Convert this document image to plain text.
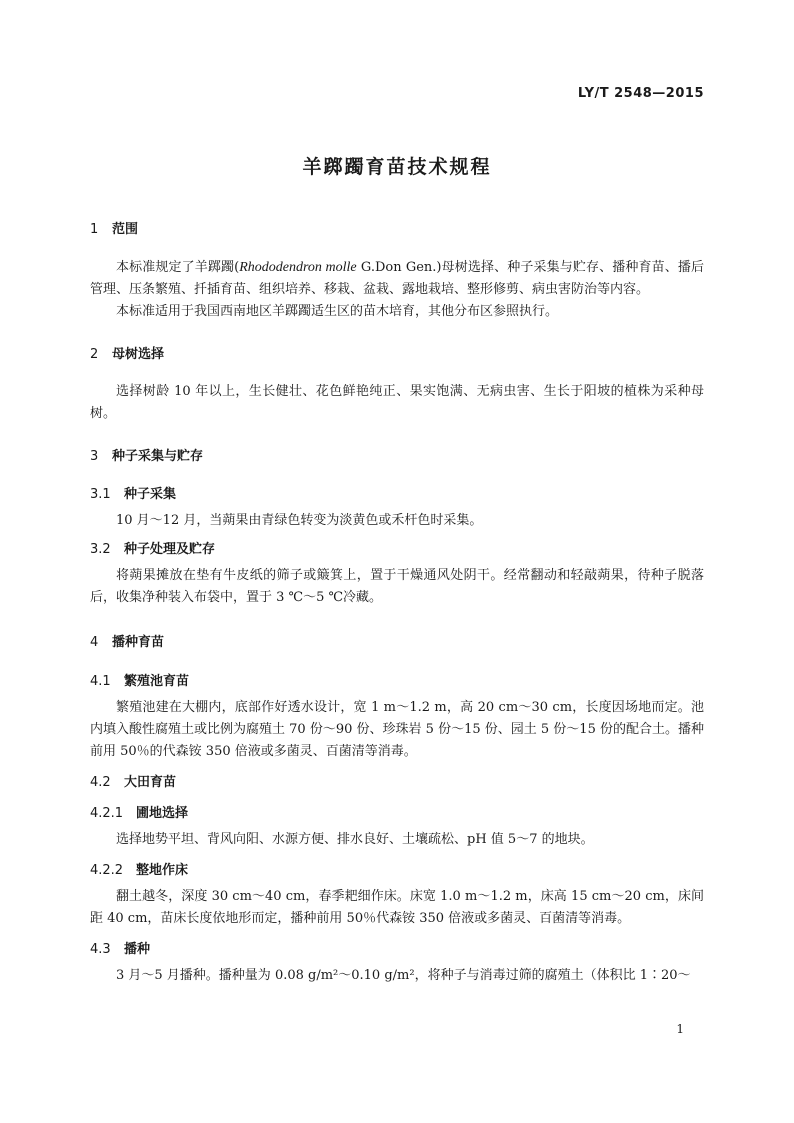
LY/T 2548—2015
羊踯躅育苗技术规程
1	范围

本标准规定了羊踯躅(Rhododendron molle G.Don Gen.)母树选择、种子采集与贮存、播种育苗、播后管理、压条繁殖、扦插育苗、组织培养、移栽、盆栽、露地栽培、整形修剪、病虫害防治等内容。

本标准适用于我国西南地区羊踯躅适生区的苗木培育，其他分布区参照执行。

2	母树选择

选择树龄 10 年以上，生长健壮、花色鲜艳纯正、果实饱满、无病虫害、生长于阳坡的植株为采种母树。

3	种子采集与贮存
3.1	种子采集

10 月～12 月，当蒴果由青绿色转变为淡黄色或禾杆色时采集。

3.2	种子处理及贮存

将蒴果摊放在垫有牛皮纸的筛子或簸箕上，置于干燥通风处阴干。经常翻动和轻敲蒴果，待种子脱落后，收集净种装入布袋中，置于 3 ℃～5 ℃冷藏。

4	播种育苗
4.1	繁殖池育苗

繁殖池建在大棚内，底部作好透水设计，宽 1 m～1.2 m，高 20 cm～30 cm，长度因场地而定。池内填入酸性腐殖土或比例为腐殖土 70 份～90 份、珍珠岩 5 份～15 份、园土 5 份～15 份的配合土。播种前用 50％的代森铵 350 倍液或多菌灵、百菌清等消毒。

4.2	大田育苗
4.2.1 圃地选择

选择地势平坦、背风向阳、水源方便、排水良好、土壤疏松、pH 值 5～7 的地块。

4.2.2 整地作床

翻土越冬，深度 30 cm～40 cm，春季耙细作床。床宽 1.0 m～1.2 m，床高 15 cm～20 cm，床间距 40 cm，苗床长度依地形而定，播种前用 50％代森铵 350 倍液或多菌灵、百菌清等消毒。

4.3	播种

3 月～5 月播种。播种量为 0.08 g/m²～0.10 g/m²，将种子与消毒过筛的腐殖土（体积比 1∶20～

1
